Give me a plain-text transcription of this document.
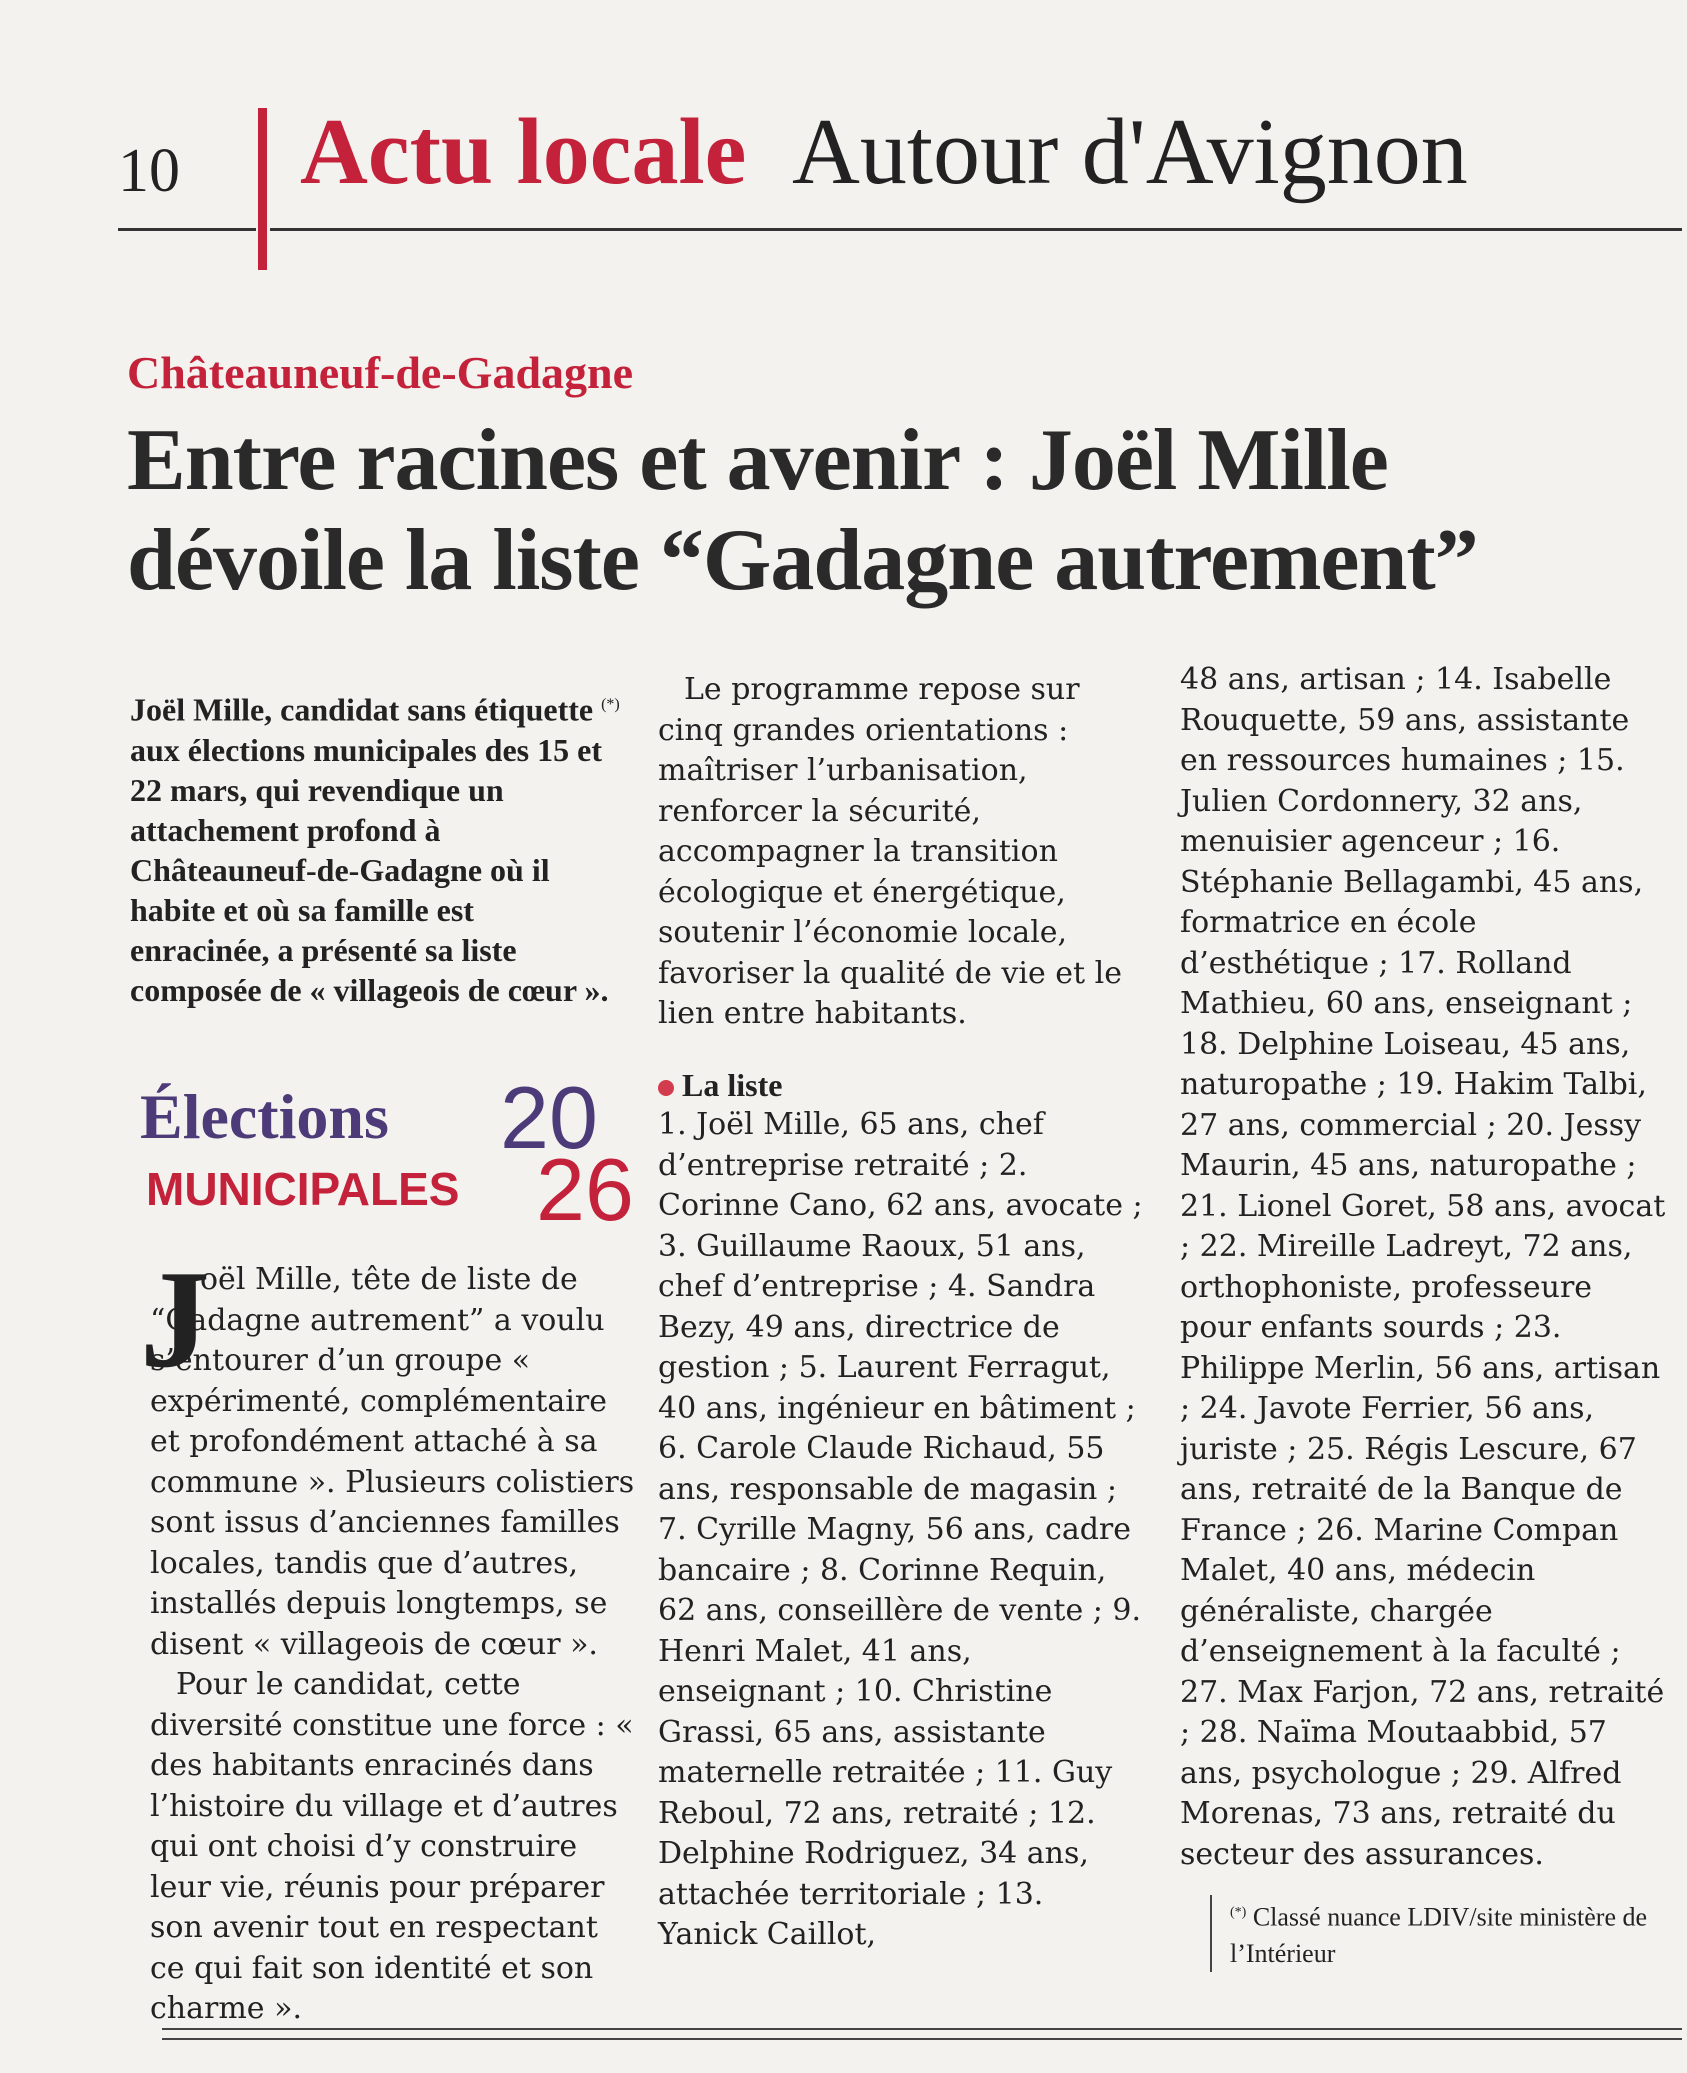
10 Actu locale Autour d'Avignon
Châteauneuf-de-Gadagne
Entre racines et avenir : Joël Mille
dévoile la liste “Gadagne autrement”
Joël Mille, candidat sans étiquette (*) aux élections municipales des 15 et 22 mars, qui revendique un attachement profond à Châteauneuf-de-Gadagne où il habite et où sa famille est enracinée, a présenté sa liste composée de « villageois de cœur ».
Élections
MUNICIPALES
20
26
J

oël Mille, tête de liste de “Gadagne autrement” a voulu s’entourer d’un groupe « expérimenté, complémentaire et profondément attaché à sa commune ». Plusieurs colistiers sont issus d’anciennes familles locales, tandis que d’autres, installés depuis longtemps, se disent « villageois de cœur ».

Pour le candidat, cette diversité constitue une force : « des habitants enracinés dans l’histoire du village et d’autres qui ont choisi d’y construire leur vie, réunis pour préparer son avenir tout en respectant ce qui fait son identité et son charme ».

Le programme repose sur cinq grandes orientations : maîtriser l’urbanisation, renforcer la sécurité, accompagner la transition écologique et énergétique, soutenir l’économie locale, favoriser la qualité de vie et le lien entre habitants.

La liste

1. Joël Mille, 65 ans, chef d’entreprise retraité ; 2. Corinne Cano, 62 ans, avocate ; 3. Guillaume Raoux, 51 ans, chef d’entreprise ; 4. Sandra Bezy, 49 ans, directrice de gestion ; 5. Laurent Ferragut, 40 ans, ingénieur en bâtiment ; 6. Carole Claude Richaud, 55 ans, responsable de magasin ; 7. Cyrille Magny, 56 ans, cadre bancaire ; 8. Corinne Requin, 62 ans, conseillère de vente ; 9. Henri Malet, 41 ans, enseignant ; 10. Christine Grassi, 65 ans, assistante maternelle retraitée ; 11. Guy Reboul, 72 ans, retraité ; 12. Delphine Rodriguez, 34 ans, attachée territoriale ; 13. Yanick Caillot,

48 ans, artisan ; 14. Isabelle Rouquette, 59 ans, assistante en ressources humaines ; 15. Julien Cordonnery, 32 ans, menuisier agenceur ; 16. Stéphanie Bellagambi, 45 ans, formatrice en école d’esthétique ; 17. Rolland Mathieu, 60 ans, enseignant ; 18. Delphine Loiseau, 45 ans, naturopathe ; 19. Hakim Talbi, 27 ans, commercial ; 20. Jessy Maurin, 45 ans, naturopathe ; 21. Lionel Goret, 58 ans, avocat ; 22. Mireille Ladreyt, 72 ans, orthophoniste, professeure pour enfants sourds ; 23. Philippe Merlin, 56 ans, artisan ; 24. Javote Ferrier, 56 ans, juriste ; 25. Régis Lescure, 67 ans, retraité de la Banque de France ; 26. Marine Compan Malet, 40 ans, médecin généraliste, chargée d’enseignement à la faculté ; 27. Max Farjon, 72 ans, retraité ; 28. Naïma Moutaabbid, 57 ans, psychologue ; 29. Alfred Morenas, 73 ans, retraité du secteur des assurances.

(*) Classé nuance LDIV/site ministère de l’Intérieur
